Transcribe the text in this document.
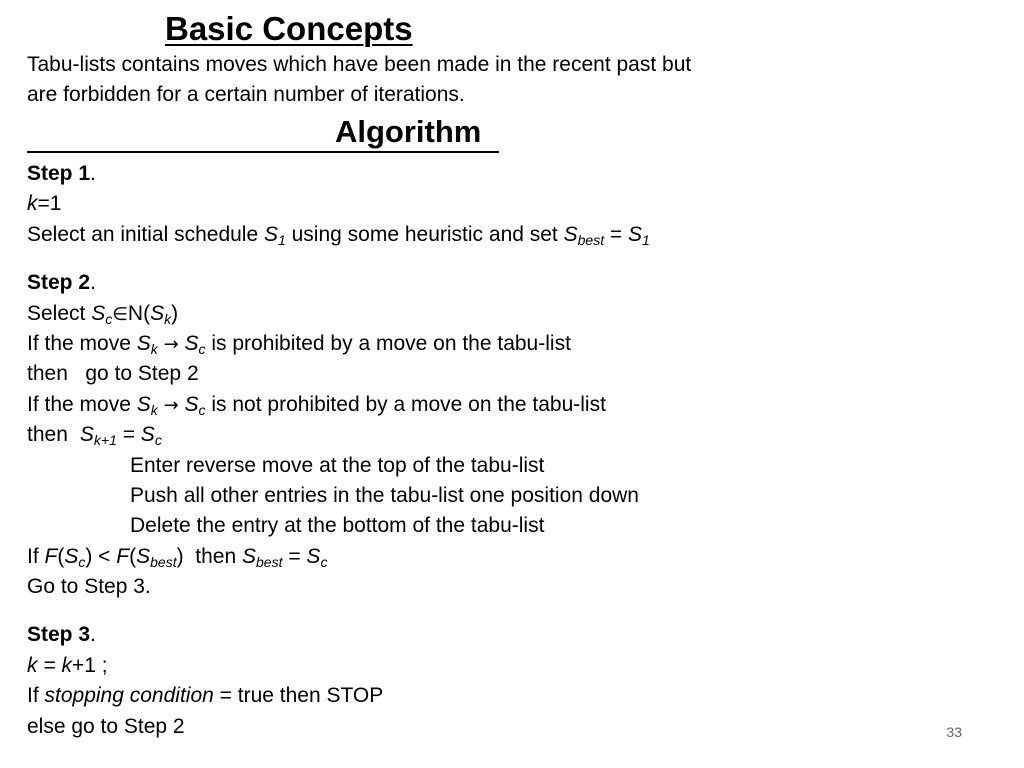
Basic Concepts
Tabu-lists contains moves which have been made in the recent past but
are forbidden for a certain number of iterations.
Algorithm
Step 1.
k=1
Select an initial schedule $S_1$ using some heuristic and set $S_{best} = S_1$
Step 2.
Select $S_c\in N(S_k)$
If the move $S_k \to S_c$ is prohibited by a move on the tabu-list
then   go to Step 2
If the move $S_k \to S_c$ is not prohibited by a move on the tabu-list
then $S_{k+1} = S_c$
Enter reverse move at the top of the tabu-list
Push all other entries in the tabu-list one position down
Delete the entry at the bottom of the tabu-list
If $F(S_c) < F(S_{best})$  then $S_{best} = S_c$
Go to Step 3.
Step 3.
k = k+1 ;
If stopping condition = true then STOP
else go to Step 2	33
